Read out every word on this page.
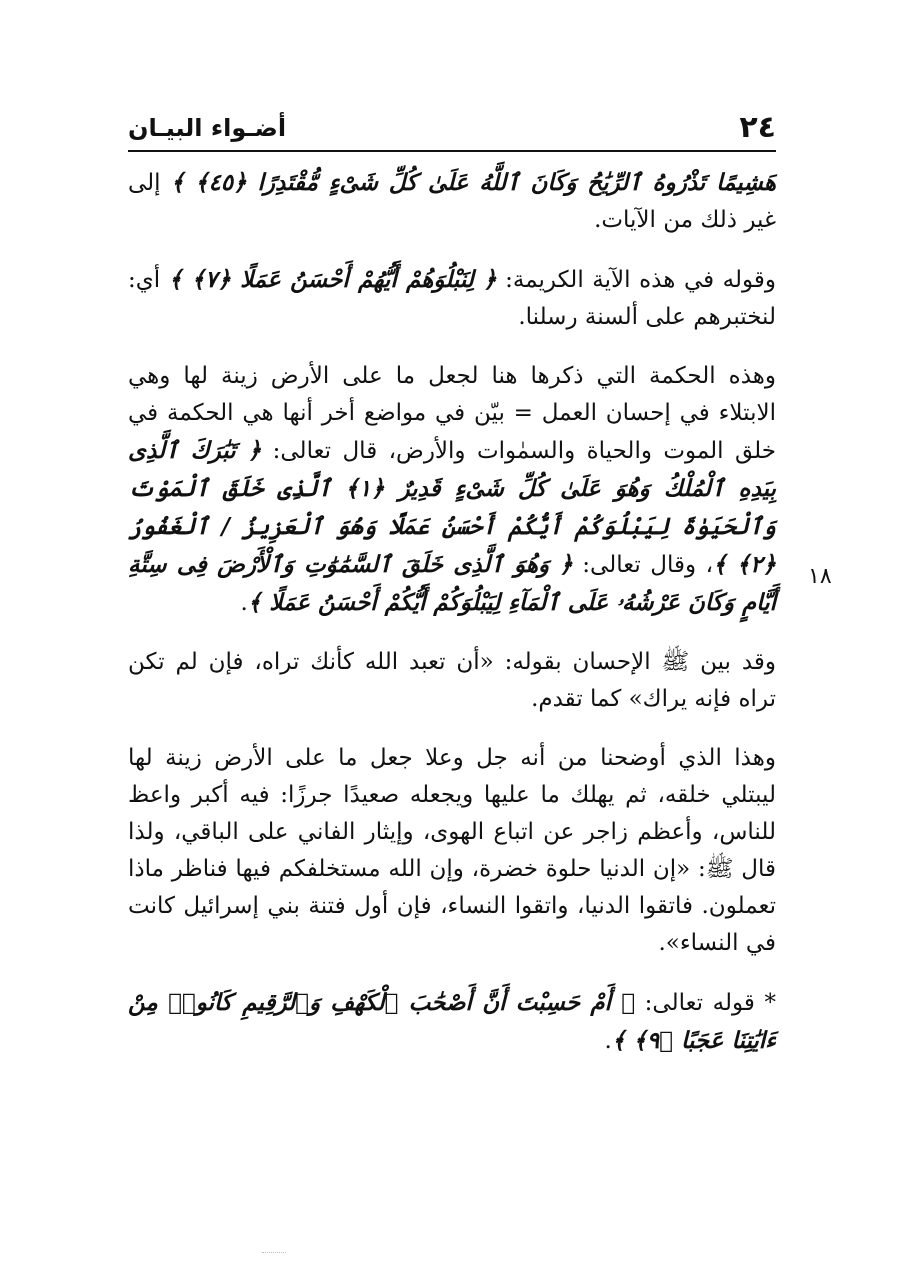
٢٤
أضـواء البيـان
١٨

هَشِيمًا تَذْرُوهُ ٱلرِّيَٰحُ وَكَانَ ٱللَّهُ عَلَىٰ كُلِّ شَىْءٍ مُّقْتَدِرًا ﴿٤٥﴾ ﴾ إلى غير ذلك من الآيات.

وقوله في هذه الآية الكريمة: ﴿ لِنَبْلُوَهُمْ أَيُّهُمْ أَحْسَنُ عَمَلًا ﴿٧﴾ ﴾ أي: لنختبرهم على ألسنة رسلنا.

وهذه الحكمة التي ذكرها هنا لجعل ما على الأرض زينة لها وهي الابتلاء في إحسان العمل = بيّن في مواضع أخر أنها هي الحكمة في خلق الموت والحياة والسمٰوات والأرض، قال تعالى: ﴿ تَبَٰرَكَ ٱلَّذِى بِيَدِهِ ٱلْمُلْكُ وَهُوَ عَلَىٰ كُلِّ شَىْءٍ قَدِيرٌ ﴿١﴾ ٱلَّذِى خَلَقَ ٱلْمَوْتَ وَٱلْحَيَوٰةَ لِيَبْلُوَكُمْ أَيُّكُمْ أَحْسَنُ عَمَلًا وَهُوَ ٱلْعَزِيزُ / ٱلْغَفُورُ ﴿٢﴾ ﴾، وقال تعالى: ﴿ وَهُوَ ٱلَّذِى خَلَقَ ٱلسَّمَٰوَٰتِ وَٱلْأَرْضَ فِى سِتَّةِ أَيَّامٍ وَكَانَ عَرْشُهُۥ عَلَى ٱلْمَآءِ لِيَبْلُوَكُمْ أَيُّكُمْ أَحْسَنُ عَمَلًا ﴾.

وقد بين ﷺ الإحسان بقوله: «أن تعبد الله كأنك تراه، فإن لم تكن تراه فإنه يراك» كما تقدم.

وهذا الذي أوضحنا من أنه جل وعلا جعل ما على الأرض زينة لها ليبتلي خلقه، ثم يهلك ما عليها ويجعله صعيدًا جرزًا: فيه أكبر واعظ للناس، وأعظم زاجر عن اتباع الهوى، وإيثار الفاني على الباقي، ولذا قال ﷺ: «إن الدنيا حلوة خضرة، وإن الله مستخلفكم فيها فناظر ماذا تعملون. فاتقوا الدنيا، واتقوا النساء، فإن أول فتنة بني إسرائيل كانت في النساء».

* قوله تعالى: ﴿ أَمْ حَسِبْتَ أَنَّ أَصْحَٰبَ ٱلْكَهْفِ وَٱلرَّقِيمِ كَانُوا۟ مِنْ ءَايَٰتِنَا عَجَبًا ﴿٩﴾ ﴾.
